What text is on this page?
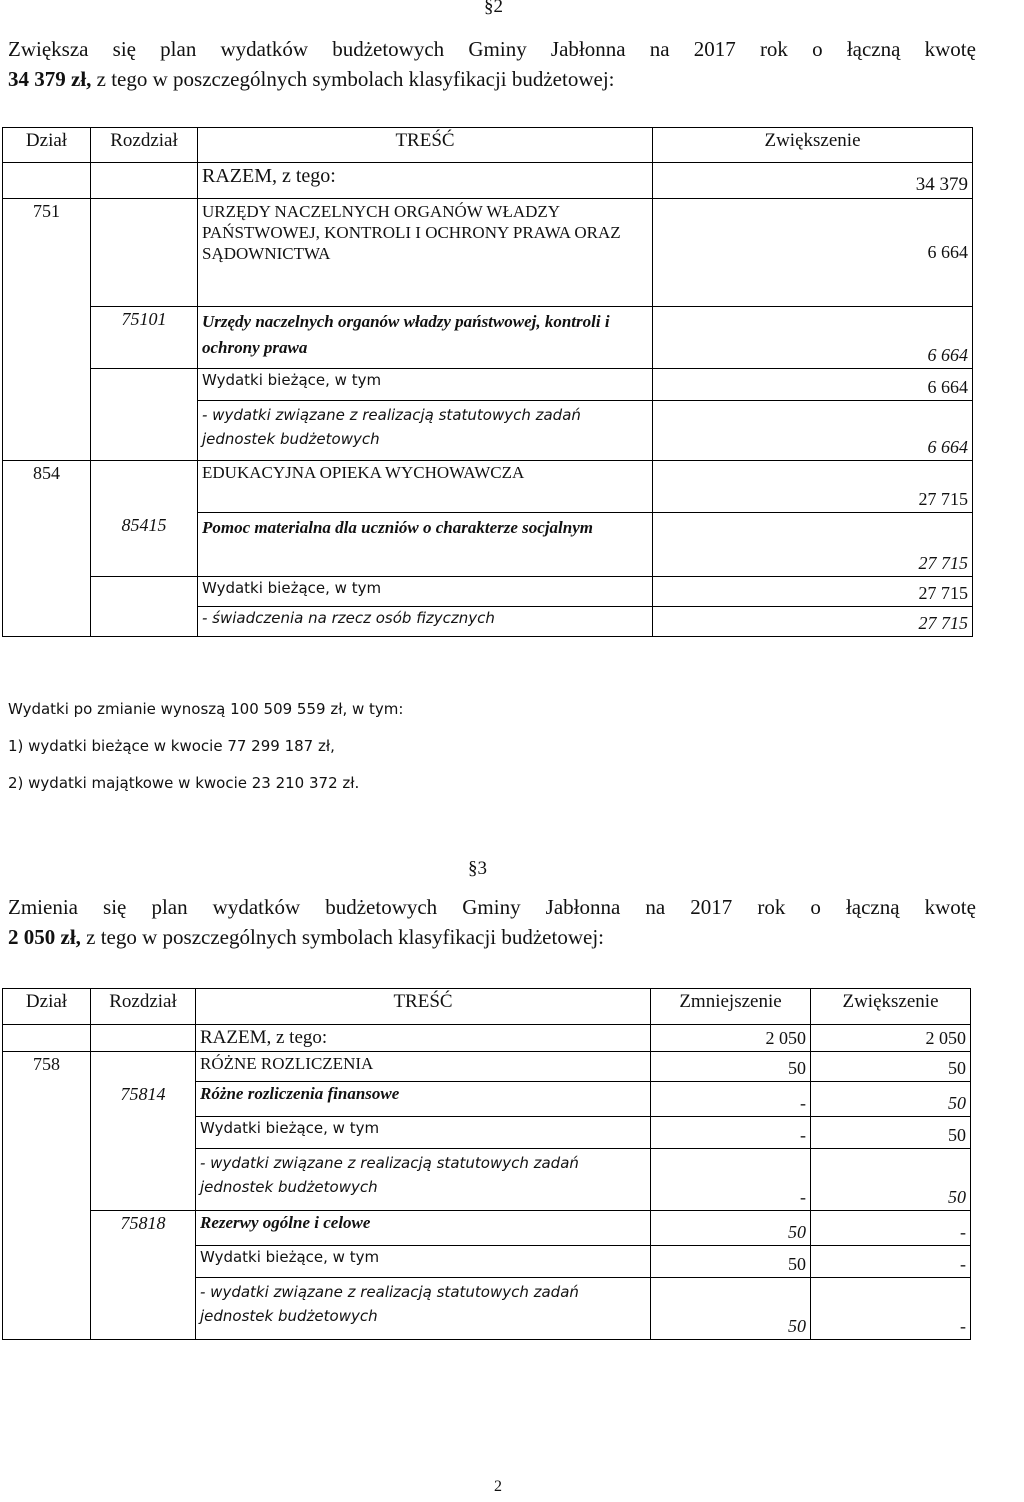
§2
Zwiększa się plan wydatków budżetowych Gminy Jabłonna na 2017 rok o łączną kwotę
34 379 zł, z tego w poszczególnych symbolach klasyfikacji budżetowej:
Dział	Rozdział	TREŚĆ	Zwiększenie
		RAZEM, z tego:	34 379
751		URZĘDY NACZELNYCH ORGANÓW WŁADZY PAŃSTWOWEJ, KONTROLI I OCHRONY PRAWA ORAZ SĄDOWNICTWA	6 664
	75101	Urzędy naczelnych organów władzy państwowej, kontroli i ochrony prawa	6 664
		Wydatki bieżące, w tym	6 664
		- wydatki związane z realizacją statutowych zadań jednostek budżetowych	6 664
854		EDUKACYJNA OPIEKA WYCHOWAWCZA	27 715
	85415	Pomoc materialna dla uczniów o charakterze socjalnym	27 715
		Wydatki bieżące, w tym	27 715
		- świadczenia na rzecz osób fizycznych	27 715
Wydatki po zmianie wynoszą 100 509 559 zł, w tym:
1) wydatki bieżące w kwocie 77 299 187 zł,
2) wydatki majątkowe w kwocie 23 210 372 zł.
§3
Zmienia się plan wydatków budżetowych Gminy Jabłonna na 2017 rok o łączną kwotę
2 050 zł, z tego w poszczególnych symbolach klasyfikacji budżetowej:
Dział	Rozdział	TREŚĆ	Zmniejszenie	Zwiększenie
		RAZEM, z tego:	2 050	2 050
758		RÓŻNE ROZLICZENIA	50	50
	75814	Różne rozliczenia finansowe	-	50
		Wydatki bieżące, w tym	-	50
		- wydatki związane z realizacją statutowych zadań jednostek budżetowych	-	50
	75818	Rezerwy ogólne i celowe	50	-
		Wydatki bieżące, w tym	50	-
		- wydatki związane z realizacją statutowych zadań jednostek budżetowych	50	-
2
